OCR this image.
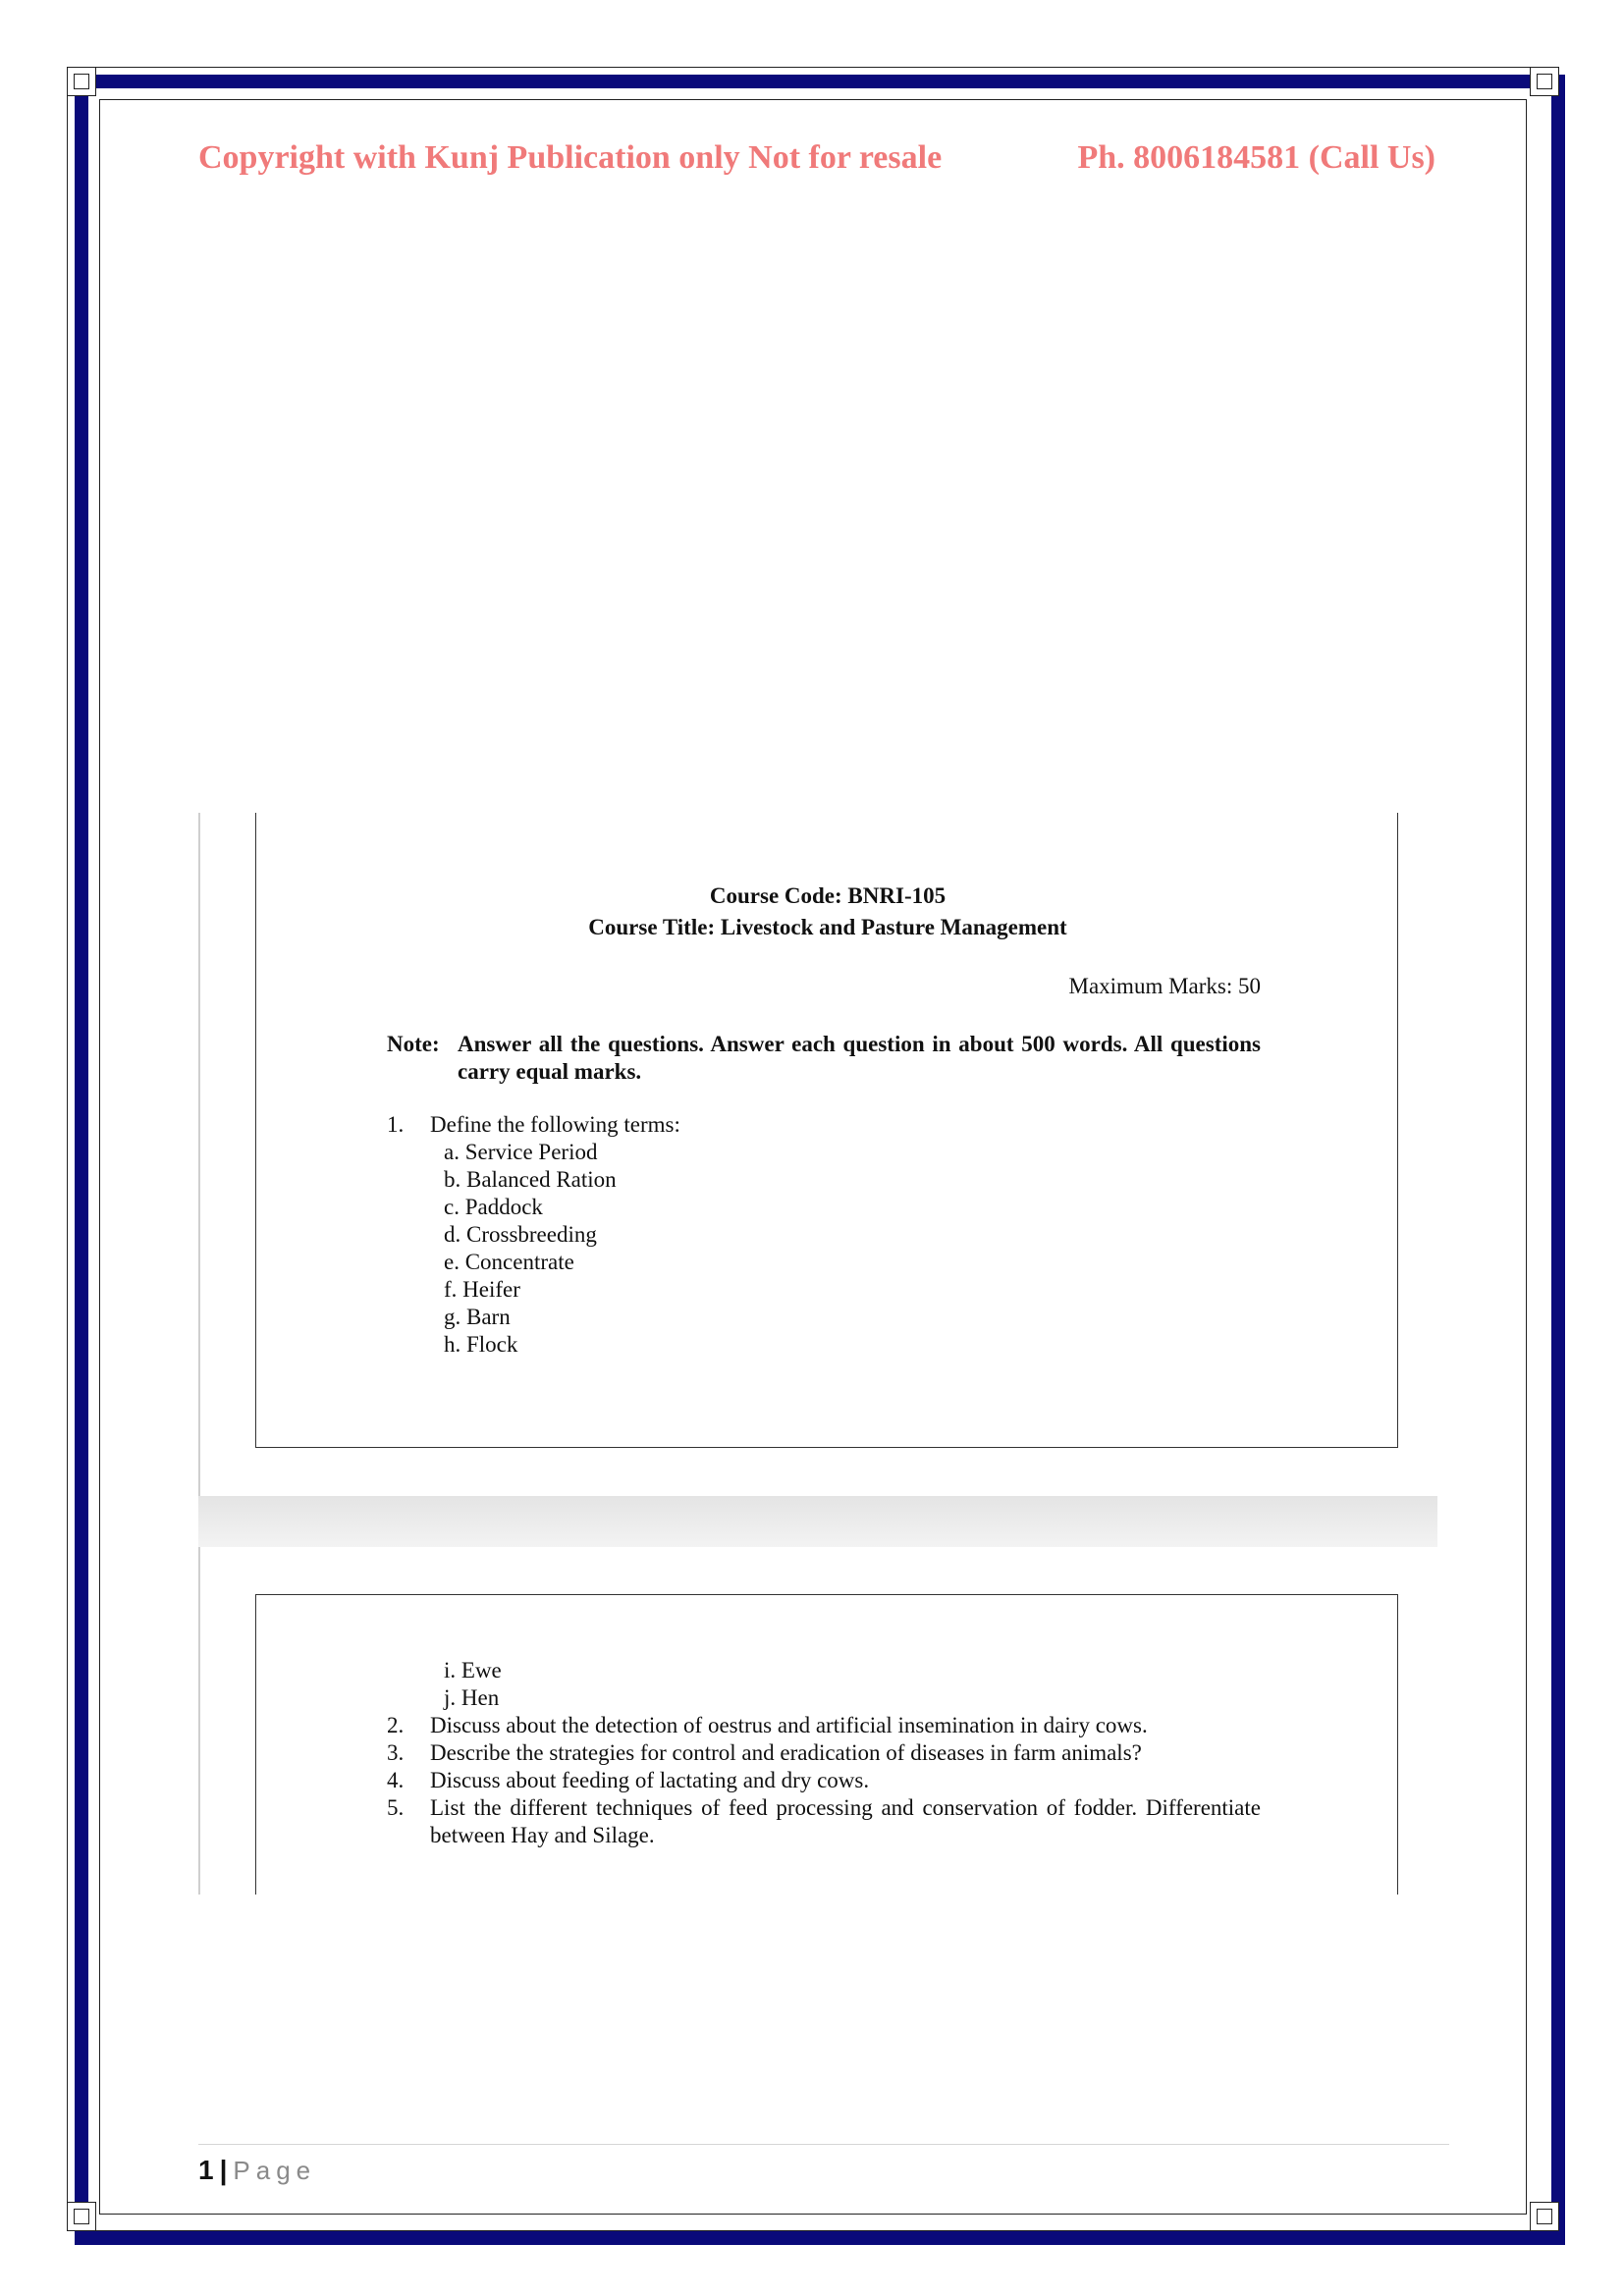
Copyright with Kunj Publication only Not for resale	Ph. 8006184581 (Call Us)
Course Code: BNRI-105
Course Title: Livestock and Pasture Management
Maximum Marks: 50
Note: Answer all the questions. Answer each question in about 500 words. All questions carry equal marks.
1.	Define the following terms:
a. Service Period
b. Balanced Ration
c. Paddock
d. Crossbreeding
e. Concentrate
f. Heifer
g. Barn
h. Flock
i. Ewe
j. Hen
2.	Discuss about the detection of oestrus and artificial insemination in dairy cows.
3.	Describe the strategies for control and eradication of diseases in farm animals?
4.	Discuss about feeding of lactating and dry cows.
5.	List the different techniques of feed processing and conservation of fodder. Differentiate between Hay and Silage.
1 | Page
